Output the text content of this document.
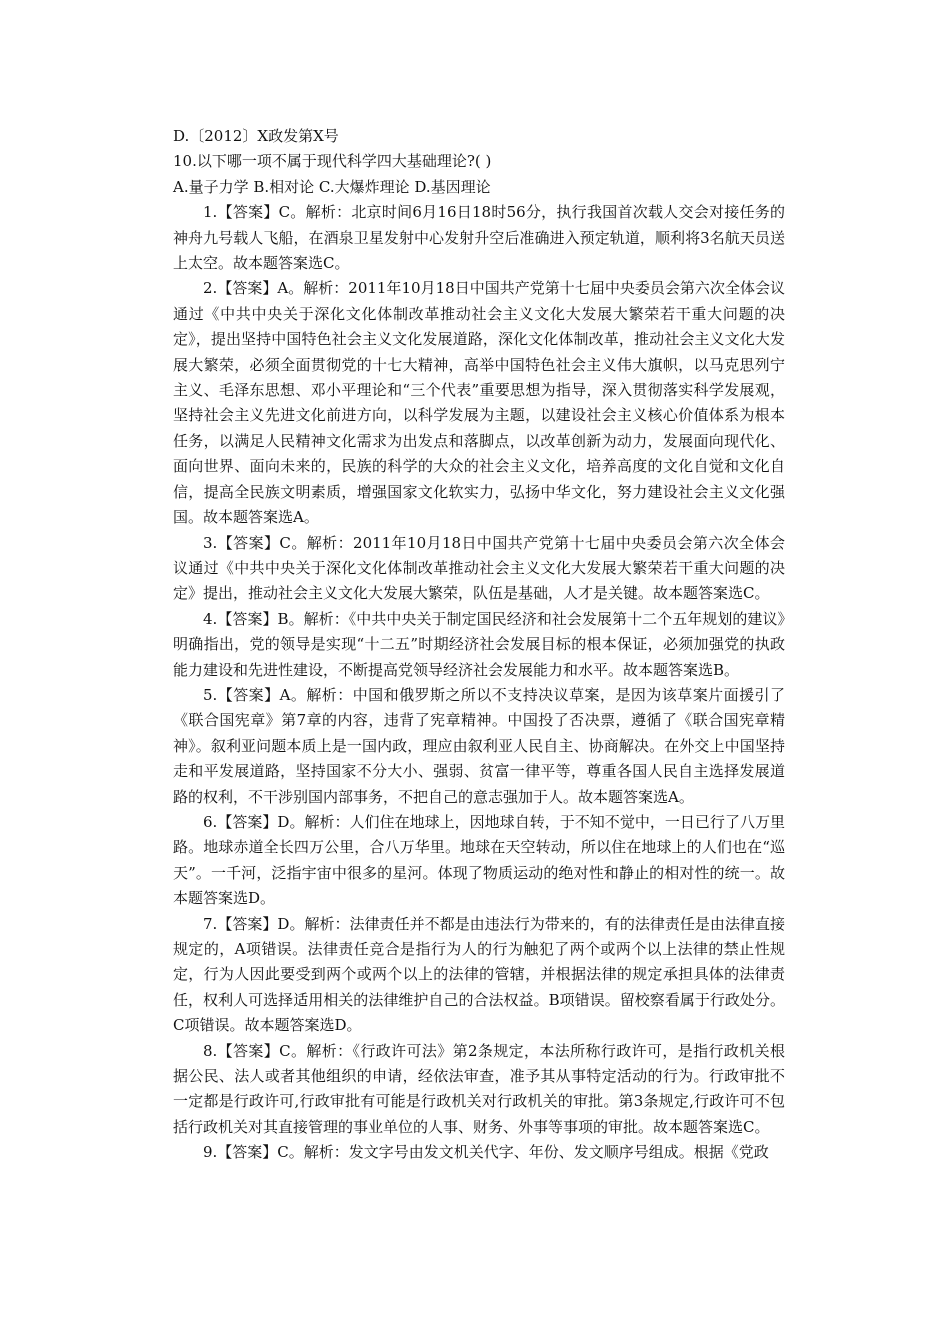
D.〔2012〕X政发第X号

10.以下哪一项不属于现代科学四大基础理论?( )

A.量子力学 B.相对论 C.大爆炸理论 D.基因理论

1.【答案】C。解析：北京时间6月16日18时56分，执行我国首次载人交会对接任务的神舟九号载人飞船，在酒泉卫星发射中心发射升空后准确进入预定轨道，顺利将3名航天员送上太空。故本题答案选C。

2.【答案】A。解析：2011年10月18日中国共产党第十七届中央委员会第六次全体会议通过《中共中央关于深化文化体制改革推动社会主义文化大发展大繁荣若干重大问题的决定》，提出坚持中国特色社会主义文化发展道路，深化文化体制改革，推动社会主义文化大发展大繁荣，必须全面贯彻党的十七大精神，高举中国特色社会主义伟大旗帜，以马克思列宁主义、毛泽东思想、邓小平理论和“三个代表”重要思想为指导，深入贯彻落实科学发展观，坚持社会主义先进文化前进方向，以科学发展为主题，以建设社会主义核心价值体系为根本任务，以满足人民精神文化需求为出发点和落脚点，以改革创新为动力，发展面向现代化、面向世界、面向未来的，民族的科学的大众的社会主义文化，培养高度的文化自觉和文化自信，提高全民族文明素质，增强国家文化软实力，弘扬中华文化，努力建设社会主义文化强国。故本题答案选A。

3.【答案】C。解析：2011年10月18日中国共产党第十七届中央委员会第六次全体会议通过《中共中央关于深化文化体制改革推动社会主义文化大发展大繁荣若干重大问题的决定》提出，推动社会主义文化大发展大繁荣，队伍是基础，人才是关键。故本题答案选C。

4.【答案】B。解析：《中共中央关于制定国民经济和社会发展第十二个五年规划的建议》明确指出，党的领导是实现“十二五”时期经济社会发展目标的根本保证，必须加强党的执政能力建设和先进性建设，不断提高党领导经济社会发展能力和水平。故本题答案选B。

5.【答案】A。解析：中国和俄罗斯之所以不支持决议草案，是因为该草案片面援引了《联合国宪章》第7章的内容，违背了宪章精神。中国投了否决票，遵循了《联合国宪章精神》。叙利亚问题本质上是一国内政，理应由叙利亚人民自主、协商解决。在外交上中国坚持走和平发展道路，坚持国家不分大小、强弱、贫富一律平等，尊重各国人民自主选择发展道路的权利，不干涉别国内部事务，不把自己的意志强加于人。故本题答案选A。

6.【答案】D。解析：人们住在地球上，因地球自转，于不知不觉中，一日已行了八万里路。地球赤道全长四万公里，合八万华里。地球在天空转动，所以住在地球上的人们也在“巡天”。一千河，泛指宇宙中很多的星河。体现了物质运动的绝对性和静止的相对性的统一。故本题答案选D。

7.【答案】D。解析：法律责任并不都是由违法行为带来的，有的法律责任是由法律直接规定的，A项错误。法律责任竞合是指行为人的行为触犯了两个或两个以上法律的禁止性规定，行为人因此要受到两个或两个以上的法律的管辖，并根据法律的规定承担具体的法律责任，权利人可选择适用相关的法律维护自己的合法权益。B项错误。留校察看属于行政处分。C项错误。故本题答案选D。

8.【答案】C。解析：《行政许可法》第2条规定，本法所称行政许可，是指行政机关根据公民、法人或者其他组织的申请，经依法审查，准予其从事特定活动的行为。行政审批不一定都是行政许可,行政审批有可能是行政机关对行政机关的审批。第3条规定,行政许可不包括行政机关对其直接管理的事业单位的人事、财务、外事等事项的审批。故本题答案选C。

9.【答案】C。解析：发文字号由发文机关代字、年份、发文顺序号组成。根据《党政
